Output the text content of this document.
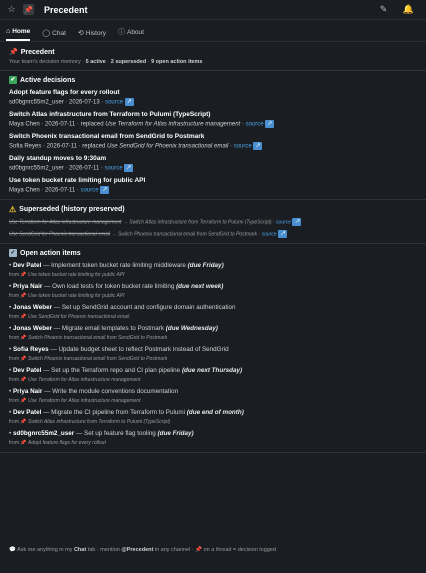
☆ 📌 Precedent	✎ 🔔
⌂ Home ◯ Chat ⟲ History ⓘ About
📌 Precedent
Your team's decision memory · 5 active · 2 superseded · 9 open action items
✔ Active decisions
Adopt feature flags for every rollout
sd0bgnrc55m2_user · 2026-07-13 · source ↗
Switch Atlas infrastructure from Terraform to Pulumi (TypeScript)
Maya Chen · 2026-07-11 · replaced Use Terraform for Atlas infrastructure management · source ↗
Switch Phoenix transactional email from SendGrid to Postmark
Sofia Reyes · 2026-07-11 · replaced Use SendGrid for Phoenix transactional email · source ↗
Daily standup moves to 9:30am
sd0bgnrc55m2_user · 2026-07-11 · source ↗
Use token bucket rate limiting for public API
Maya Chen · 2026-07-11 · source ↗
⚠ Superseded (history preserved)
Use Terraform for Atlas infrastructure management → Switch Atlas infrastructure from Terraform to Pulumi (TypeScript) · source ↗
Use SendGrid for Phoenix transactional email → Switch Phoenix transactional email from SendGrid to Postmark · source ↗
✓ Open action items
• Dev Patel — Implement token bucket rate limiting middleware (due Friday)
from 📌 Use token bucket rate limiting for public API
• Priya Nair — Own load tests for token bucket rate limiting (due next week)
from 📌 Use token bucket rate limiting for public API
• Jonas Weber — Set up SendGrid account and configure domain authentication
from 📌 Use SendGrid for Phoenix transactional email
• Jonas Weber — Migrate email templates to Postmark (due Wednesday)
from 📌 Switch Phoenix transactional email from SendGrid to Postmark
• Sofia Reyes — Update budget sheet to reflect Postmark instead of SendGrid
from 📌 Switch Phoenix transactional email from SendGrid to Postmark
• Dev Patel — Set up the Terraform repo and CI plan pipeline (due next Thursday)
from 📌 Use Terraform for Atlas infrastructure management
• Priya Nair — Write the module conventions documentation
from 📌 Use Terraform for Atlas infrastructure management
• Dev Patel — Migrate the CI pipeline from Terraform to Pulumi (due end of month)
from 📌 Switch Atlas infrastructure from Terraform to Pulumi (TypeScript)
• sd0bgnrc55m2_user — Set up feature flag tooling (due Friday)
from 📌 Adopt feature flags for every rollout
💬 Ask me anything in my Chat tab · mention @Precedent in any channel · 📌 on a thread = decision logged
